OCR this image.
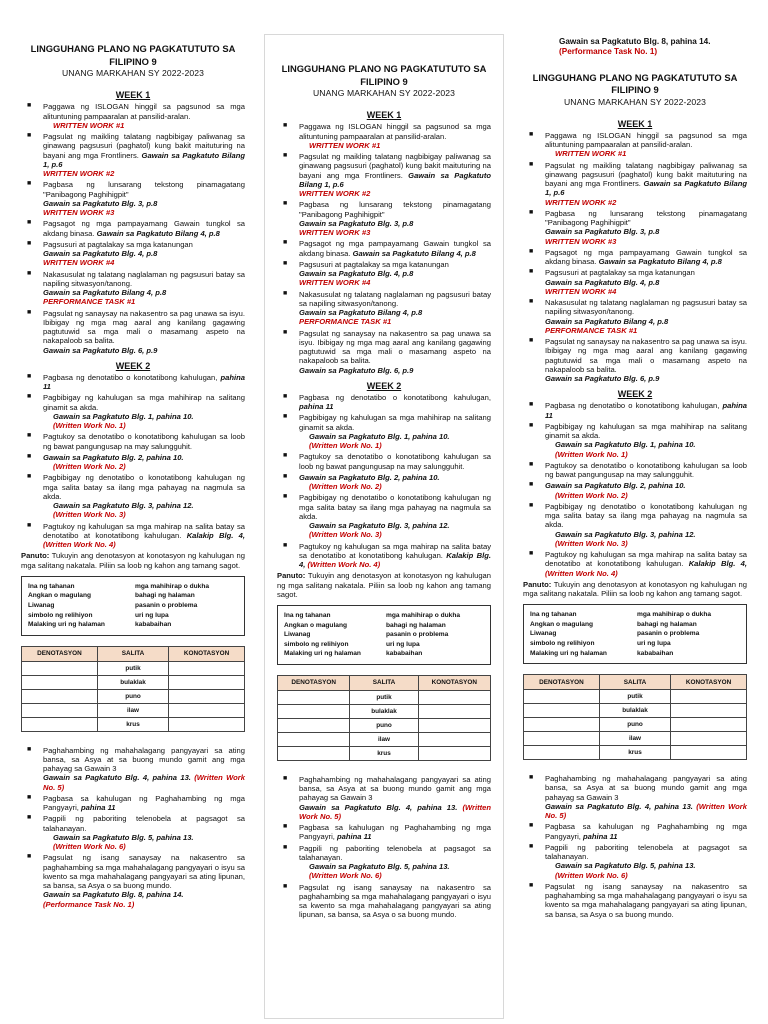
LINGGUHANG PLANO NG PAGKATUTUTO SA
FILIPINO 9
UNANG MARKAHAN SY 2022-2023
WEEK 1
■ Paggawa ng ISLOGAN hinggil sa pagsunod sa mga alituntuning pampaaralan at pansilid-aralan.
WRITTEN WORK #1
■ Pagsulat ng maikling talatang nagbibigay paliwanag sa ginawang pagsusuri (paghatol) kung bakit maituturing na bayani ang mga Frontliners. Gawain sa Pagkatuto Bilang 1, p.6
WRITTEN WORK #2
■ Pagbasa ng lunsarang tekstong pinamagatang "Panibagong Paghihigpit"
Gawain sa Pagkatuto Blg. 3, p.8
WRITTEN WORK #3
■ Pagsagot ng mga pampayamang Gawain tungkol sa akdang binasa. Gawain sa Pagkatuto Bilang 4, p.8
■ Pagsusuri at pagtalakay sa mga katanungan
Gawain sa Pagkatuto Blg. 4, p.8
WRITTEN WORK #4
■ Nakasusulat ng talatang naglalaman ng pagsusuri batay sa napiling sitwasyon/tanong.
Gawain sa Pagkatuto Bilang 4, p.8
PERFORMANCE TASK #1
■ Pagsulat ng sanaysay na nakasentro sa pag unawa sa isyu. Ibibigay ng mga mag aaral ang kanilang gagawing pagtutuwid sa mga mali o masamang aspeto na nakapaloob sa balita.
Gawain sa Pagkatuto Blg. 6, p.9
WEEK 2
■ Pagbasa ng denotatibo o konotatibong kahulugan, pahina 11
■ Pagbibigay ng kahulugan sa mga mahihirap na salitang ginamit sa akda.
Gawain sa Pagkatuto Blg. 1, pahina 10.
(Written Work No. 1)
■ Pagtukoy sa denotatibo o konotatibong kahulugan sa loob ng bawat pangungusap na may salungguhit.
■ Gawain sa Pagkatuto Blg. 2, pahina 10.
(Written Work No. 2)
■ Pagbibigay ng denotatibo o konotatibong kahulugan ng mga salita batay sa ilang mga pahayag na nagmula sa akda.
Gawain sa Pagkatuto Blg. 3, pahina 12.
(Written Work No. 3)
■ Pagtukoy ng kahulugan sa mga mahirap na salita batay sa denotatibo at konotatibong kahulugan. Kalakip Blg. 4, (Written Work No. 4)
Panuto: Tukuyin ang denotasyon at konotasyon ng kahulugan ng mga salitang nakatala. Piliin sa loob ng kahon ang tamang sagot.
Ina ng tahanan
Angkan o magulang
Liwanag
simbolo ng relihiyon
Malaking uri ng halaman
mga mahihirap o dukha
bahagi ng halaman
pasanin o problema
uri ng lupa
kababaihan
DENOTASYON	SALITA	KONOTASYON
	putik	
	bulaklak	
	puno	
	ilaw	
	krus	
■ Paghahambing ng mahahalagang pangyayari sa ating bansa, sa Asya at sa buong mundo gamit ang mga pahayag sa Gawain 3
Gawain sa Pagkatuto Blg. 4, pahina 13. (Written Work No. 5)
■ Pagbasa sa kahulugan ng Paghahambing ng mga Pangyayri, pahina 11
■ Pagpili ng paboriting telenobela at pagsagot sa talahanayan.
Gawain sa Pagkatuto Blg. 5, pahina 13.
(Written Work No. 6)
■ Pagsulat ng isang sanaysay na nakasentro sa paghahambing sa mga mahahalagang pangyayari o isyu sa kwento sa mga mahahalagang pangyayari sa ating lipunan, sa bansa, sa Asya o sa buong mundo.
Gawain sa Pagkatuto Blg. 8, pahina 14.
(Performance Task No. 1)
LINGGUHANG PLANO NG PAGKATUTUTO SA
FILIPINO 9
UNANG MARKAHAN SY 2022-2023
WEEK 1
■ Paggawa ng ISLOGAN hinggil sa pagsunod sa mga alituntuning pampaaralan at pansilid-aralan.
WRITTEN WORK #1
■ Pagsulat ng maikling talatang nagbibigay paliwanag sa ginawang pagsusuri (paghatol) kung bakit maituturing na bayani ang mga Frontliners. Gawain sa Pagkatuto Bilang 1, p.6
WRITTEN WORK #2
■ Pagbasa ng lunsarang tekstong pinamagatang "Panibagong Paghihigpit"
Gawain sa Pagkatuto Blg. 3, p.8
WRITTEN WORK #3
■ Pagsagot ng mga pampayamang Gawain tungkol sa akdang binasa. Gawain sa Pagkatuto Bilang 4, p.8
■ Pagsusuri at pagtalakay sa mga katanungan
Gawain sa Pagkatuto Blg. 4, p.8
WRITTEN WORK #4
■ Nakasusulat ng talatang naglalaman ng pagsusuri batay sa napiling sitwasyon/tanong.
Gawain sa Pagkatuto Bilang 4, p.8
PERFORMANCE TASK #1
■ Pagsulat ng sanaysay na nakasentro sa pag unawa sa isyu. Ibibigay ng mga mag aaral ang kanilang gagawing pagtutuwid sa mga mali o masamang aspeto na nakapaloob sa balita.
Gawain sa Pagkatuto Blg. 6, p.9
WEEK 2
■ Pagbasa ng denotatibo o konotatibong kahulugan, pahina 11
■ Pagbibigay ng kahulugan sa mga mahihirap na salitang ginamit sa akda.
Gawain sa Pagkatuto Blg. 1, pahina 10.
(Written Work No. 1)
■ Pagtukoy sa denotatibo o konotatibong kahulugan sa loob ng bawat pangungusap na may salungguhit.
■ Gawain sa Pagkatuto Blg. 2, pahina 10.
(Written Work No. 2)
■ Pagbibigay ng denotatibo o konotatibong kahulugan ng mga salita batay sa ilang mga pahayag na nagmula sa akda.
Gawain sa Pagkatuto Blg. 3, pahina 12.
(Written Work No. 3)
■ Pagtukoy ng kahulugan sa mga mahirap na salita batay sa denotatibo at konotatibong kahulugan. Kalakip Blg. 4, (Written Work No. 4)
Panuto: Tukuyin ang denotasyon at konotasyon ng kahulugan ng mga salitang nakatala. Piliin sa loob ng kahon ang tamang sagot.
Ina ng tahanan
Angkan o magulang
Liwanag
simbolo ng relihiyon
Malaking uri ng halaman
mga mahihirap o dukha
bahagi ng halaman
pasanin o problema
uri ng lupa
kababaihan
DENOTASYON	SALITA	KONOTASYON
	putik	
	bulaklak	
	puno	
	ilaw	
	krus	
■ Paghahambing ng mahahalagang pangyayari sa ating bansa, sa Asya at sa buong mundo gamit ang mga pahayag sa Gawain 3
Gawain sa Pagkatuto Blg. 4, pahina 13. (Written Work No. 5)
■ Pagbasa sa kahulugan ng Paghahambing ng mga Pangyayri, pahina 11
■ Pagpili ng paboriting telenobela at pagsagot sa talahanayan.
Gawain sa Pagkatuto Blg. 5, pahina 13.
(Written Work No. 6)
■ Pagsulat ng isang sanaysay na nakasentro sa paghahambing sa mga mahahalagang pangyayari o isyu sa kwento sa mga mahahalagang pangyayari sa ating lipunan, sa bansa, sa Asya o sa buong mundo.
Gawain sa Pagkatuto Blg. 8, pahina 14.
(Performance Task No. 1)
LINGGUHANG PLANO NG PAGKATUTUTO SA
FILIPINO 9
UNANG MARKAHAN SY 2022-2023
WEEK 1
■ Paggawa ng ISLOGAN hinggil sa pagsunod sa mga alituntuning pampaaralan at pansilid-aralan.
WRITTEN WORK #1
■ Pagsulat ng maikling talatang nagbibigay paliwanag sa ginawang pagsusuri (paghatol) kung bakit maituturing na bayani ang mga Frontliners. Gawain sa Pagkatuto Bilang 1, p.6
WRITTEN WORK #2
■ Pagbasa ng lunsarang tekstong pinamagatang "Panibagong Paghihigpit"
Gawain sa Pagkatuto Blg. 3, p.8
WRITTEN WORK #3
■ Pagsagot ng mga pampayamang Gawain tungkol sa akdang binasa. Gawain sa Pagkatuto Bilang 4, p.8
■ Pagsusuri at pagtalakay sa mga katanungan
Gawain sa Pagkatuto Blg. 4, p.8
WRITTEN WORK #4
■ Nakasusulat ng talatang naglalaman ng pagsusuri batay sa napiling sitwasyon/tanong.
Gawain sa Pagkatuto Bilang 4, p.8
PERFORMANCE TASK #1
■ Pagsulat ng sanaysay na nakasentro sa pag unawa sa isyu. Ibibigay ng mga mag aaral ang kanilang gagawing pagtutuwid sa mga mali o masamang aspeto na nakapaloob sa balita.
Gawain sa Pagkatuto Blg. 6, p.9
WEEK 2
■ Pagbasa ng denotatibo o konotatibong kahulugan, pahina 11
■ Pagbibigay ng kahulugan sa mga mahihirap na salitang ginamit sa akda.
Gawain sa Pagkatuto Blg. 1, pahina 10.
(Written Work No. 1)
■ Pagtukoy sa denotatibo o konotatibong kahulugan sa loob ng bawat pangungusap na may salungguhit.
■ Gawain sa Pagkatuto Blg. 2, pahina 10.
(Written Work No. 2)
■ Pagbibigay ng denotatibo o konotatibong kahulugan ng mga salita batay sa ilang mga pahayag na nagmula sa akda.
Gawain sa Pagkatuto Blg. 3, pahina 12.
(Written Work No. 3)
■ Pagtukoy ng kahulugan sa mga mahirap na salita batay sa denotatibo at konotatibong kahulugan. Kalakip Blg. 4, (Written Work No. 4)
Panuto: Tukuyin ang denotasyon at konotasyon ng kahulugan ng mga salitang nakatala. Piliin sa loob ng kahon ang tamang sagot.
Ina ng tahanan
Angkan o magulang
Liwanag
simbolo ng relihiyon
Malaking uri ng halaman
mga mahihirap o dukha
bahagi ng halaman
pasanin o problema
uri ng lupa
kababaihan
DENOTASYON	SALITA	KONOTASYON
	putik	
	bulaklak	
	puno	
	ilaw	
	krus	
■ Paghahambing ng mahahalagang pangyayari sa ating bansa, sa Asya at sa buong mundo gamit ang mga pahayag sa Gawain 3
Gawain sa Pagkatuto Blg. 4, pahina 13. (Written Work No. 5)
■ Pagbasa sa kahulugan ng Paghahambing ng mga Pangyayri, pahina 11
■ Pagpili ng paboriting telenobela at pagsagot sa talahanayan.
Gawain sa Pagkatuto Blg. 5, pahina 13.
(Written Work No. 6)
■ Pagsulat ng isang sanaysay na nakasentro sa paghahambing sa mga mahahalagang pangyayari o isyu sa kwento sa mga mahahalagang pangyayari sa ating lipunan, sa bansa, sa Asya o sa buong mundo.
